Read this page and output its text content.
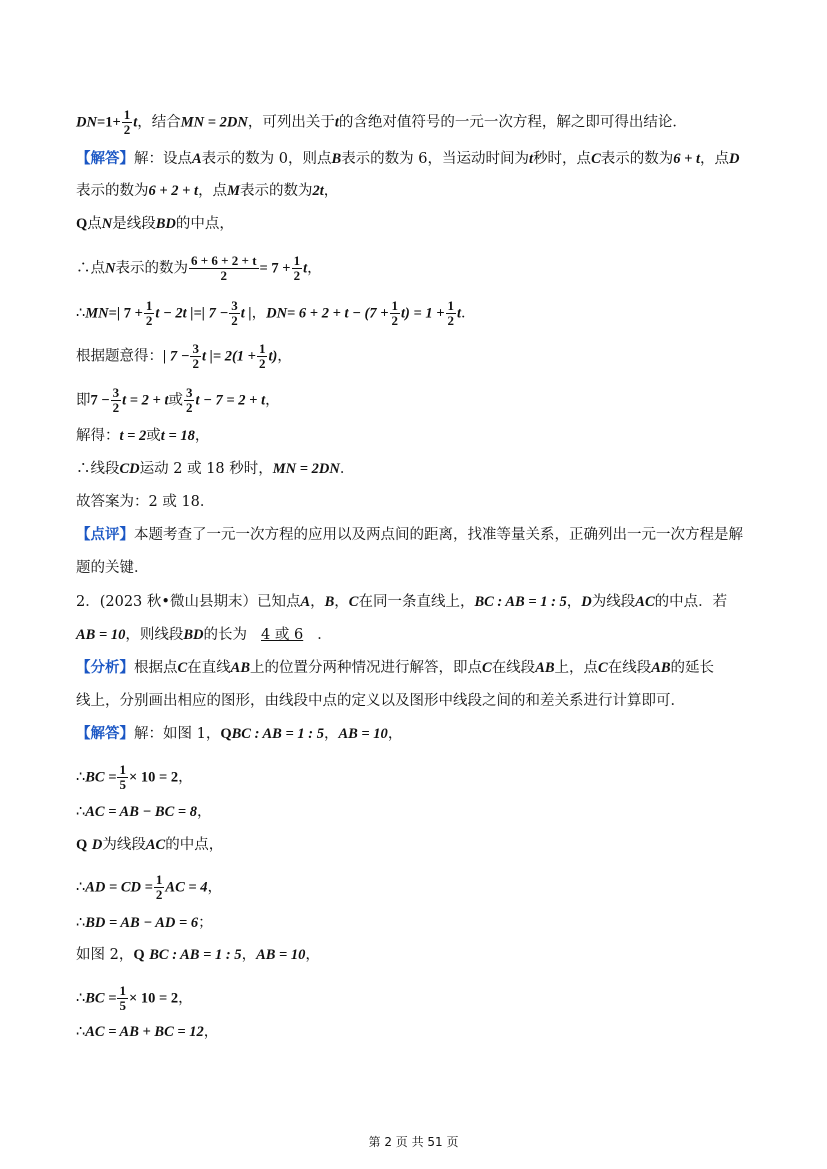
$DN=1+ \frac{1}{2}$ t，结合MN = 2DN，可列出关于t的含绝对值符号的一元一次方程，解之即可得出结论．
【解答】解：设点A表示的数为 0，则点B表示的数为 6，当运动时间为t秒时，点C表示的数为6 + t，点D
表示的数为6 + 2 + t，点M表示的数为2t，
Q点N是线段BD的中点，
∴点N表示的数为 $\frac{6 + 6 + 2 + t}{2} = 7 + \frac{1}{2}$ t，
∴MN=| $7 + \frac{1}{2}$ t − 2t |=| $7 - \frac{3}{2}$ t |，$DN= 6 + 2 + t - (7 + \frac{1}{2} t) = 1 + \frac{1}{2}$ t．
根据题意得：| $7 - \frac{3}{2}$ t |= $2(1 + \frac{1}{2} t)$，
即$7 - \frac{3}{2}$ t = 2 + t或 $\frac{3}{2}$ t − 7 = 2 + t，
解得：t = 2或t = 18，
∴线段CD运动 2 或 18 秒时，MN = 2DN．
故答案为：2 或 18．
【点评】本题考查了一元一次方程的应用以及两点间的距离，找准等量关系，正确列出一元一次方程是解
题的关键．
2．(2023 秋•微山县期末）已知点A，B，C在同一条直线上，BC : AB = 1 : 5，D为线段AC的中点．若
AB = 10，则线段BD的长为 4 或 6 ．
【分析】根据点C在直线AB上的位置分两种情况进行解答，即点C在线段AB上，点C在线段AB的延长
线上，分别画出相应的图形，由线段中点的定义以及图形中线段之间的和差关系进行计算即可．
【解答】解：如图 1，QBC : AB = 1 : 5，AB = 10，
∴BC = $\frac{1}{5} \times 10 = 2$，
∴AC = AB − BC = 8，
Q D为线段AC的中点，
∴AD = CD = $\frac{1}{2}$ AC = 4，
∴BD = AB − AD = 6；
如图 2，Q BC : AB = 1 : 5，AB = 10，
∴BC = $\frac{1}{5} \times 10 = 2$，
∴AC = AB + BC = 12，
第 2 页 共 51 页
